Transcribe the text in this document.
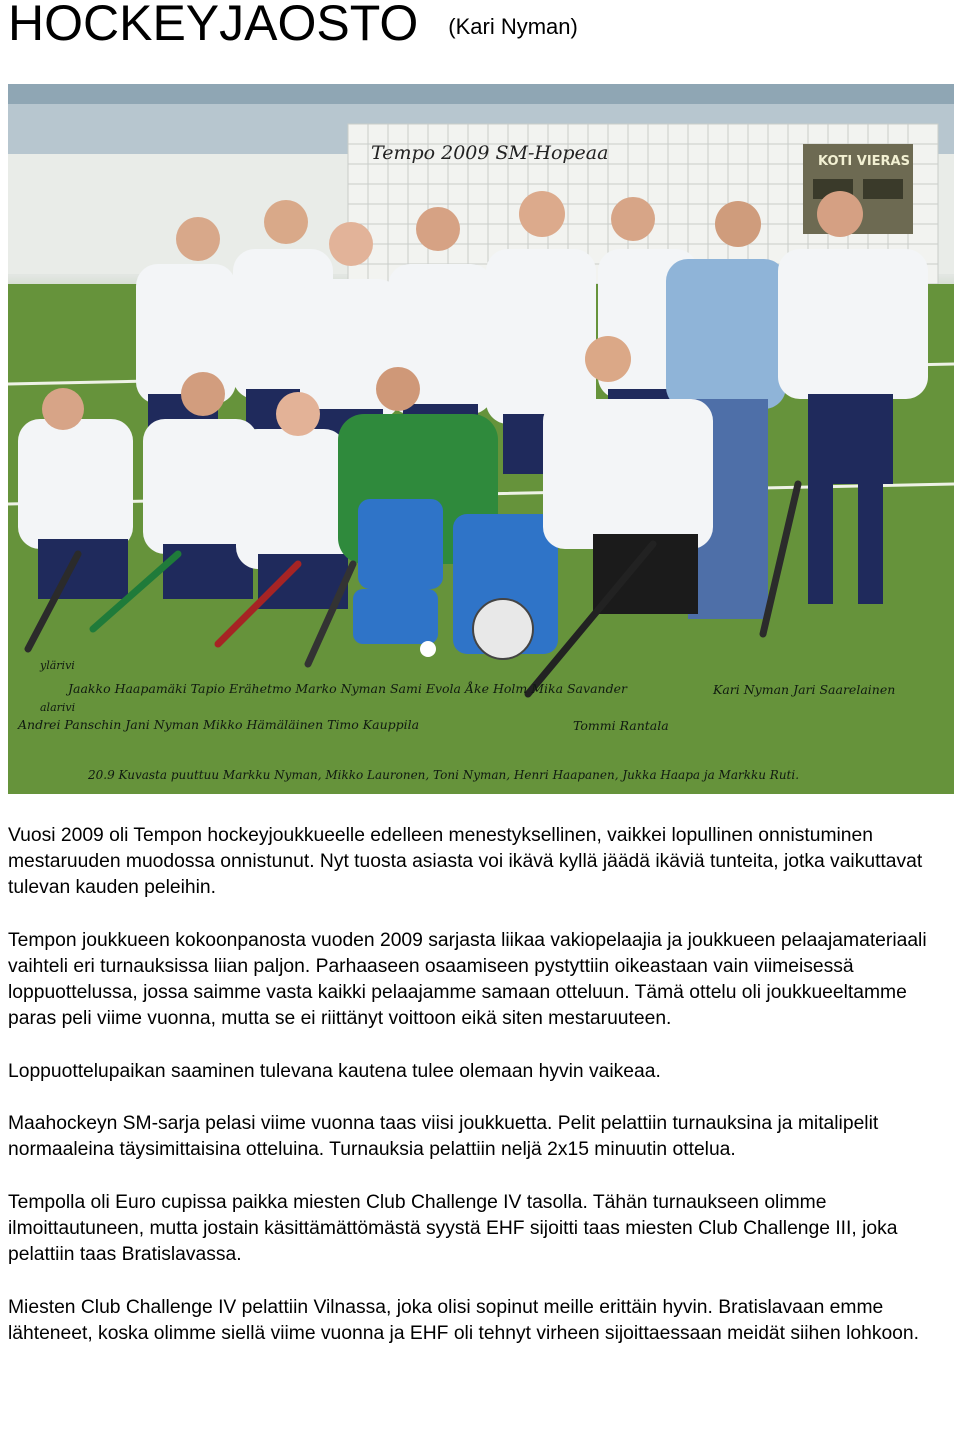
HOCKEYJAOSTO (Kari Nyman)
Tempo 2009 SM-Hopeaa	KOTI VIERAS
ylärivi
Jaakko Haapamäki Tapio Erähetmo Marko Nyman Sami Evola Åke Holm Mika Savander	Kari Nyman Jari Saarelainen
alarivi
Andrei Panschin Jani Nyman Mikko Hämäläinen Timo Kauppila	Tommi Rantala
20.9 Kuvasta puuttuu Markku Nyman, Mikko Lauronen, Toni Nyman, Henri Haapanen, Jukka Haapa ja Markku Ruti.

Vuosi 2009 oli Tempon hockeyjoukkueelle edelleen menestyksellinen, vaikkei lopullinen onnistuminen mestaruuden muodossa onnistunut. Nyt tuosta asiasta voi ikävä kyllä jäädä ikäviä tunteita, jotka vaikuttavat tulevan kauden peleihin.

Tempon joukkueen kokoonpanosta vuoden 2009 sarjasta liikaa vakiopelaajia ja joukkueen pelaajamateriaali vaihteli eri turnauksissa liian paljon. Parhaaseen osaamiseen pystyttiin oikeastaan vain viimeisessä loppuottelussa, jossa saimme vasta kaikki pelaajamme samaan otteluun. Tämä ottelu oli joukkueeltamme paras peli viime vuonna, mutta se ei riittänyt voittoon eikä siten mestaruuteen.

Loppuottelupaikan saaminen tulevana kautena tulee olemaan hyvin vaikeaa.

Maahockeyn SM-sarja pelasi viime vuonna taas viisi joukkuetta. Pelit pelattiin turnauksina ja mitalipelit normaaleina täysimittaisina otteluina. Turnauksia pelattiin neljä 2x15 minuutin ottelua.

Tempolla oli Euro cupissa paikka miesten Club Challenge IV tasolla. Tähän turnaukseen olimme ilmoittautuneen, mutta jostain käsittämättömästä syystä EHF sijoitti taas miesten Club Challenge III, joka pelattiin taas Bratislavassa.

Miesten Club Challenge IV pelattiin Vilnassa, joka olisi sopinut meille erittäin hyvin. Bratislavaan emme lähteneet, koska olimme siellä viime vuonna ja EHF oli tehnyt virheen sijoittaessaan meidät siihen lohkoon.
